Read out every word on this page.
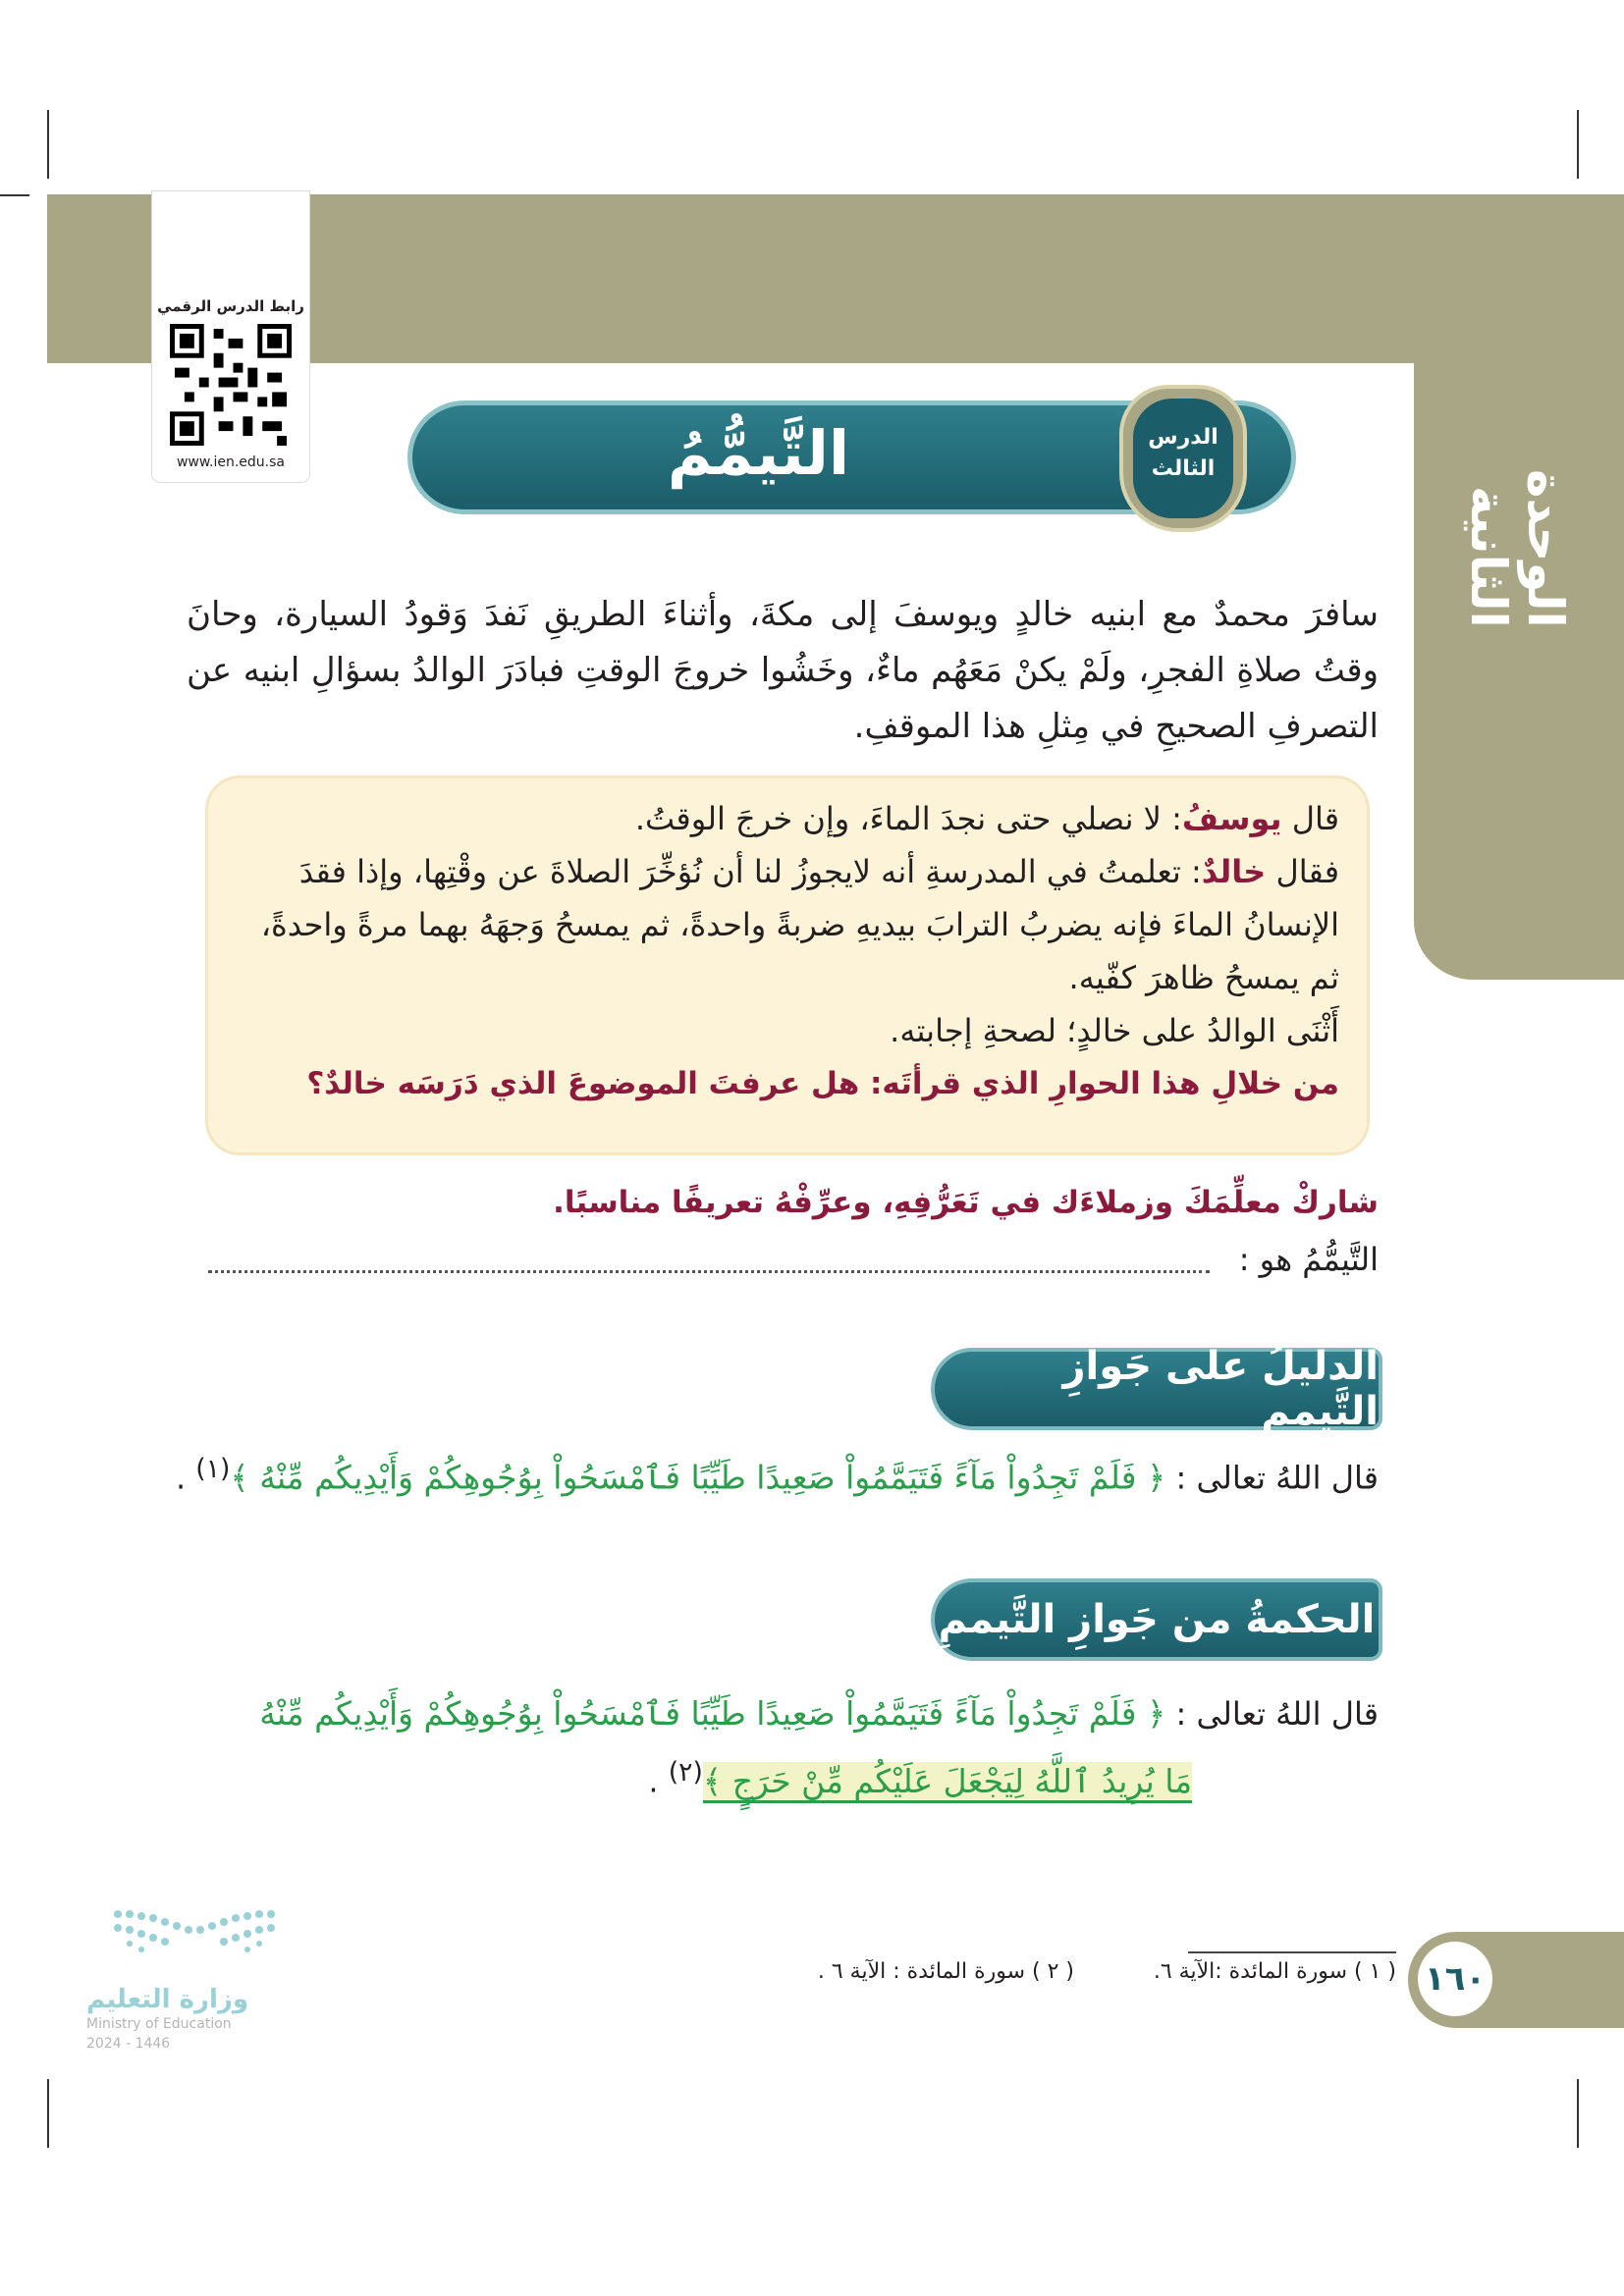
الوحدة الثانية
رابط الدرس الرقمي
www.ien.edu.sa	التَّيمُّمُ	الدرس
الثالث
سافرَ محمدٌ مع ابنيه خالدٍ ويوسفَ إلى مكةَ، وأثناءَ الطريقِ نَفدَ وَقودُ السيارة، وحانَ وقتُ صلاةِ الفجرِ، ولَمْ يكنْ مَعَهُم ماءٌ، وخَشُوا خروجَ الوقتِ فبادَرَ الوالدُ بسؤالِ ابنيه عن التصرفِ الصحيحِ في مِثلِ هذا الموقفِ.
قال يوسفُ: لا نصلي حتى نجدَ الماءَ، وإن خرجَ الوقتُ.
فقال خالدٌ: تعلمتُ في المدرسةِ أنه لايجوزُ لنا أن نُؤخِّرَ الصلاةَ عن وقْتِها، وإذا فقدَ الإنسانُ الماءَ فإنه يضربُ الترابَ بيديهِ ضربةً واحدةً، ثم يمسحُ وَجهَهُ بهما مرةً واحدةً، ثم يمسحُ ظاهرَ كفّيه.
أَثْنَى الوالدُ على خالدٍ؛ لصحةِ إجابته.
من خلالِ هذا الحوارِ الذي قرأتَه: هل عرفتَ الموضوعَ الذي دَرَسَه خالدٌ؟
شاركْ معلِّمَكَ وزملاءَك في تَعَرُّفِهِ، وعرِّفْهُ تعريفًا مناسبًا.
التَّيمُّمُ هو :
الدليلُ على جَوازِ التَّيممِ
قال اللهُ تعالى : ﴿ فَلَمْ تَجِدُواْ مَآءً فَتَيَمَّمُواْ صَعِيدًا طَيِّبًا فَٱمْسَحُواْ بِوُجُوهِكُمْ وَأَيْدِيكُم مِّنْهُ ﴾$^{(١)}$ .
الحكمةُ من جَوازِ التَّيممِ
قال اللهُ تعالى : ﴿ فَلَمْ تَجِدُواْ مَآءً فَتَيَمَّمُواْ صَعِيدًا طَيِّبًا فَٱمْسَحُواْ بِوُجُوهِكُمْ وَأَيْدِيكُم مِّنْهُ
مَا يُرِيدُ ٱللَّهُ لِيَجْعَلَ عَلَيْكُم مِّنْ حَرَجٍ ﴾$^{(٢)}$ .
١٦٠
( ١ ) سورة المائدة :الآية ٦.
( ٢ ) سورة المائدة : الآية ٦ .
وزارة التعليم
Ministry of Education
2024 - 1446
